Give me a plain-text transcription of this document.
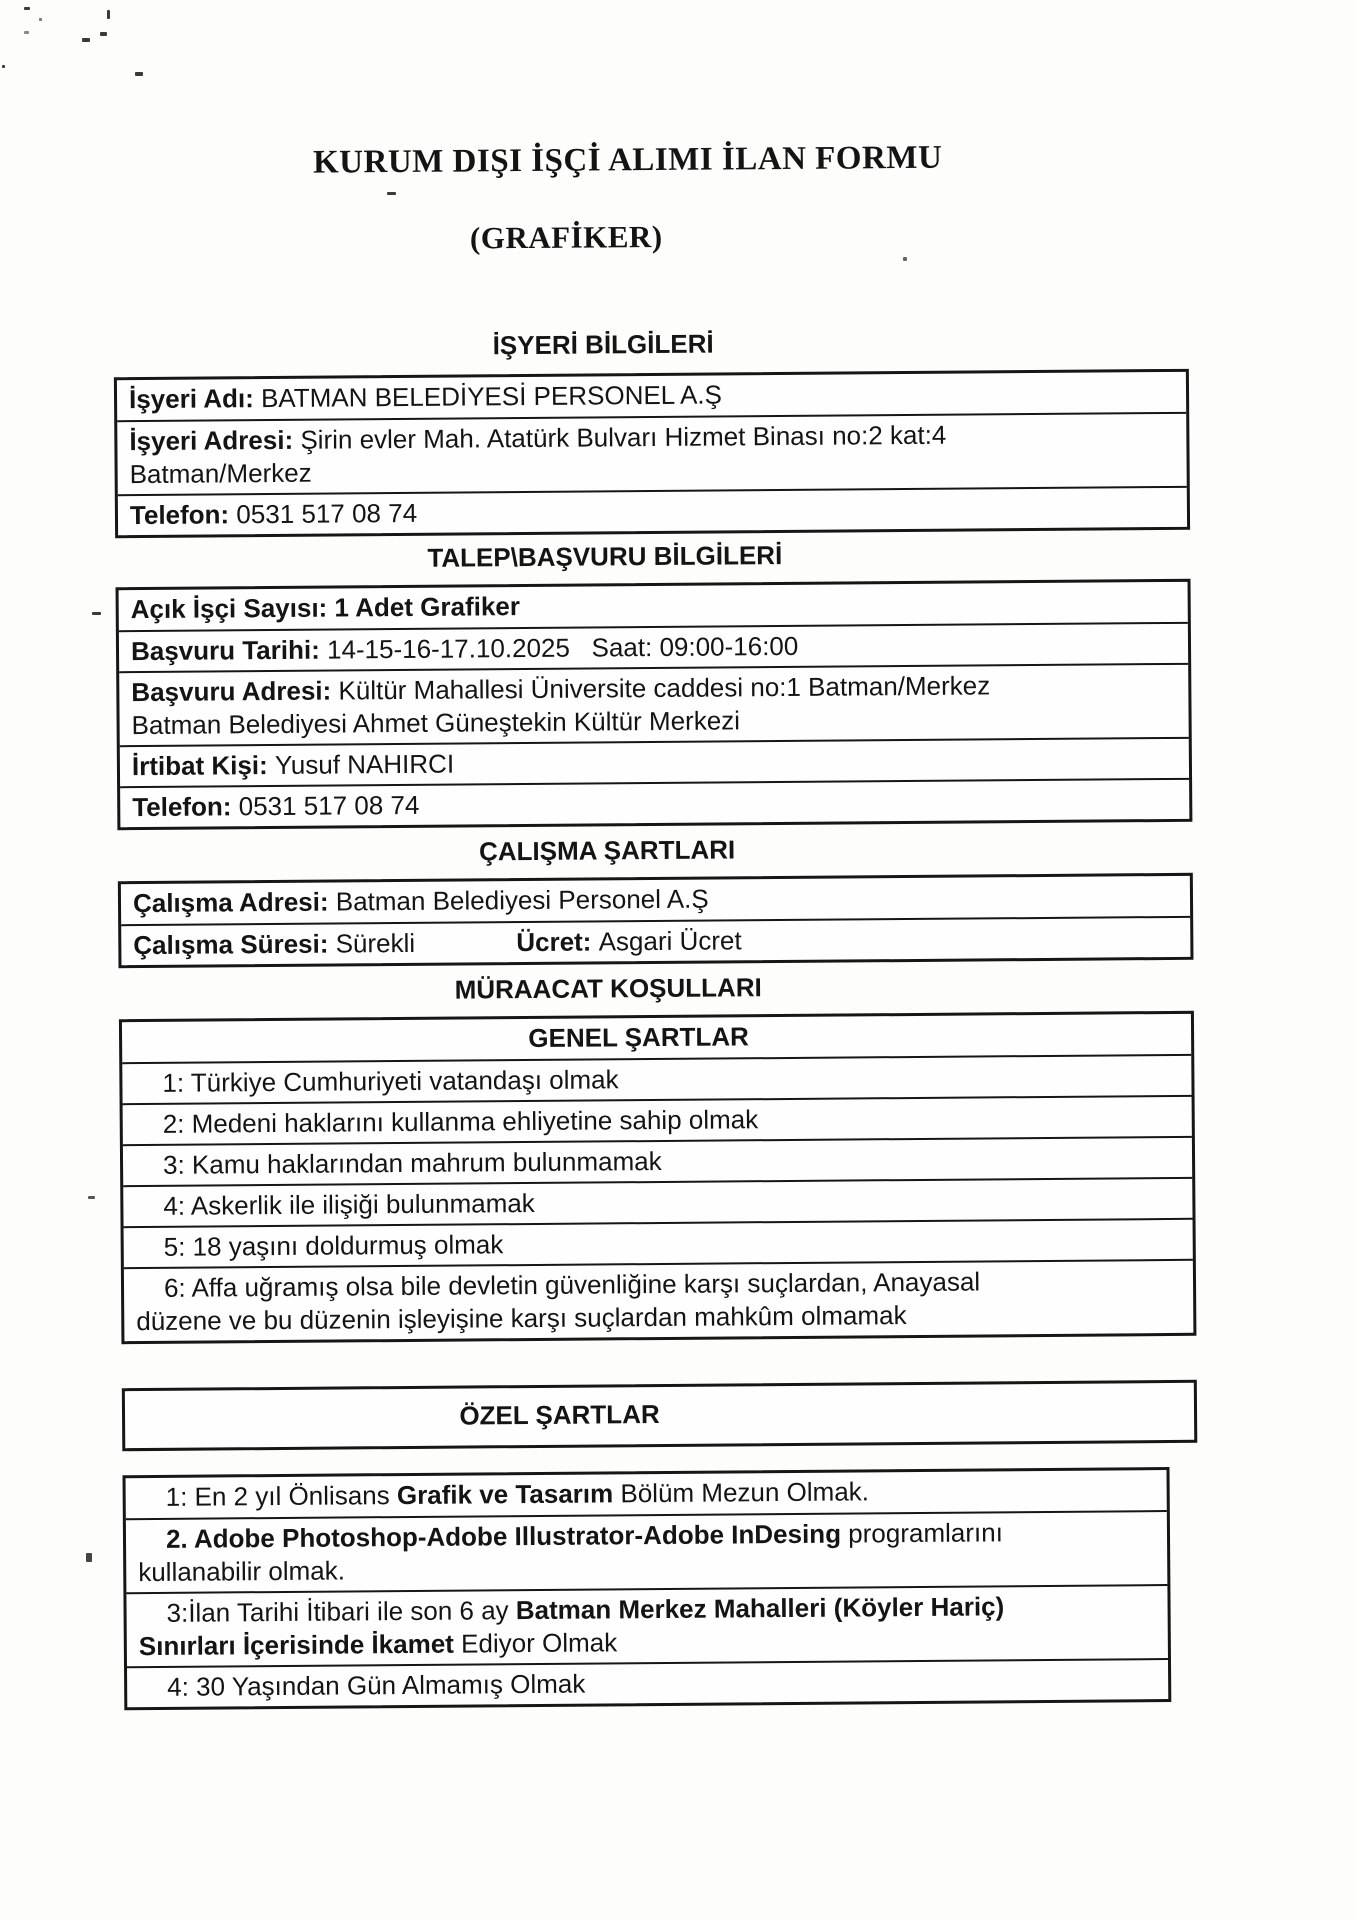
KURUM DIŞI İŞÇİ ALIMI İLAN FORMU
(GRAFİKER)
İŞYERİ BİLGİLERİ
İşyeri Adı: BATMAN BELEDİYESİ PERSONEL A.Ş
İşyeri Adresi: Şirin evler Mah. Atatürk Bulvarı Hizmet Binası no:2 kat:4
Batman/Merkez
Telefon: 0531 517 08 74
TALEP\BAŞVURU BİLGİLERİ
Açık İşçi Sayısı: 1 Adet Grafiker
Başvuru Tarihi: 14-15-16-17.10.2025   Saat: 09:00-16:00
Başvuru Adresi: Kültür Mahallesi Üniversite caddesi no:1 Batman/Merkez
Batman Belediyesi Ahmet Güneştekin Kültür Merkezi
İrtibat Kişi: Yusuf NAHIRCI
Telefon: 0531 517 08 74
ÇALIŞMA ŞARTLARI
Çalışma Adresi: Batman Belediyesi Personel A.Ş
Çalışma Süresi: Sürekli	Ücret: Asgari Ücret
MÜRAACAT KOŞULLARI
GENEL ŞARTLAR
1: Türkiye Cumhuriyeti vatandaşı olmak
2: Medeni haklarını kullanma ehliyetine sahip olmak
3: Kamu haklarından mahrum bulunmamak
4: Askerlik ile ilişiği bulunmamak
5: 18 yaşını doldurmuş olmak
6: Affa uğramış olsa bile devletin güvenliğine karşı suçlardan, Anayasal
düzene ve bu düzenin işleyişine karşı suçlardan mahkûm olmamak
ÖZEL ŞARTLAR
1: En 2 yıl Önlisans Grafik ve Tasarım Bölüm Mezun Olmak.
2. Adobe Photoshop-Adobe Illustrator-Adobe InDesing programlarını
kullanabilir olmak.
3:İlan Tarihi İtibari ile son 6 ay Batman Merkez Mahalleri (Köyler Hariç)
Sınırları İçerisinde İkamet Ediyor Olmak
4: 30 Yaşından Gün Almamış Olmak
